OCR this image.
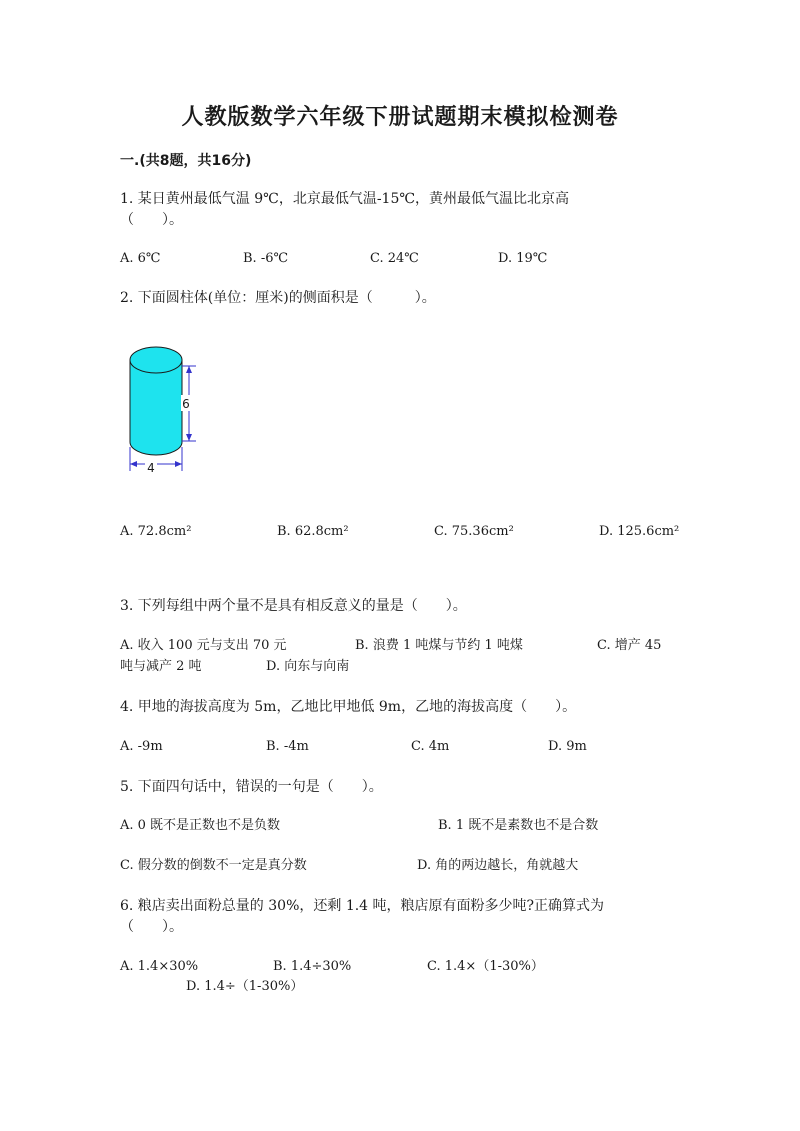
人教版数学六年级下册试题期末模拟检测卷
一.(共8题，共16分)
1. 某日黄州最低气温 9℃，北京最低气温-15℃，黄州最低气温比北京高
（　　）。
A. 6℃	B. -6℃	C. 24℃	D. 19℃
2. 下面圆柱体(单位：厘米)的侧面积是（　　　）。
6
4
A. 72.8cm²	B. 62.8cm²	C. 75.36cm²	D. 125.6cm²
3. 下列每组中两个量不是具有相反意义的量是（　　）。
A. 收入 100 元与支出 70 元	B. 浪费 1 吨煤与节约 1 吨煤	C. 增产 45
吨与减产 2 吨	D. 向东与向南
4. 甲地的海拔高度为 5m，乙地比甲地低 9m，乙地的海拔高度（　　）。
A. -9m	B. -4m	C. 4m	D. 9m
5. 下面四句话中，错误的一句是（　　）。
A. 0 既不是正数也不是负数	B. 1 既不是素数也不是合数
C. 假分数的倒数不一定是真分数	D. 角的两边越长，角就越大
6. 粮店卖出面粉总量的 30%，还剩 1.4 吨，粮店原有面粉多少吨?正确算式为
（　　）。
A. 1.4×30%	B. 1.4÷30%	C. 1.4×（1-30%）
D. 1.4÷（1-30%）
